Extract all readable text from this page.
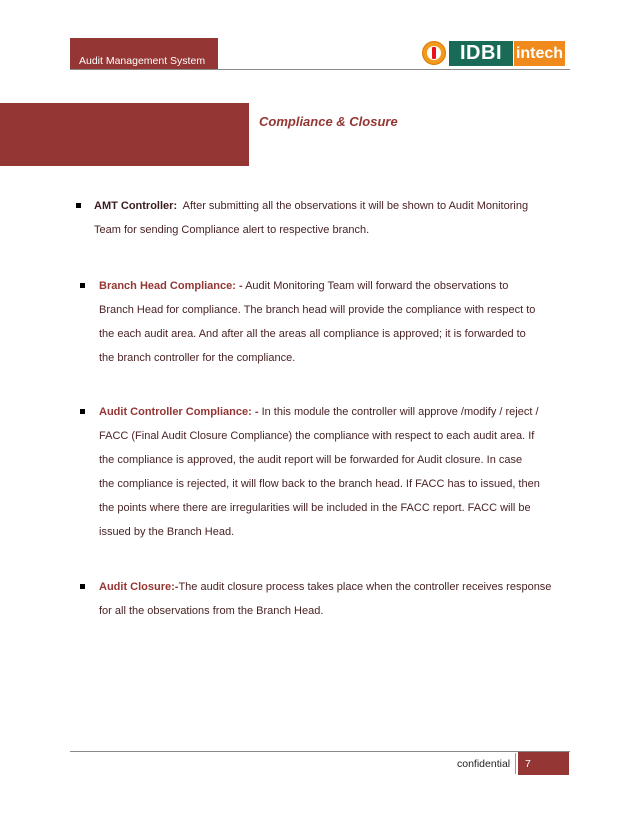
Audit Management System	IDBI intech
Compliance & Closure
AMT Controller: After submitting all the observations it will be shown to Audit Monitoring
Team for sending Compliance alert to respective branch.
Branch Head Compliance: - Audit Monitoring Team will forward the observations to
Branch Head for compliance. The branch head will provide the compliance with respect to
the each audit area. And after all the areas all compliance is approved; it is forwarded to
the branch controller for the compliance.
Audit Controller Compliance: - In this module the controller will approve /modify / reject /
FACC (Final Audit Closure Compliance) the compliance with respect to each audit area. If
the compliance is approved, the audit report will be forwarded for Audit closure. In case
the compliance is rejected, it will flow back to the branch head. If FACC has to issued, then
the points where there are irregularities will be included in the FACC report. FACC will be
issued by the Branch Head.
Audit Closure:-The audit closure process takes place when the controller receives response
for all the observations from the Branch Head.
confidential	7
